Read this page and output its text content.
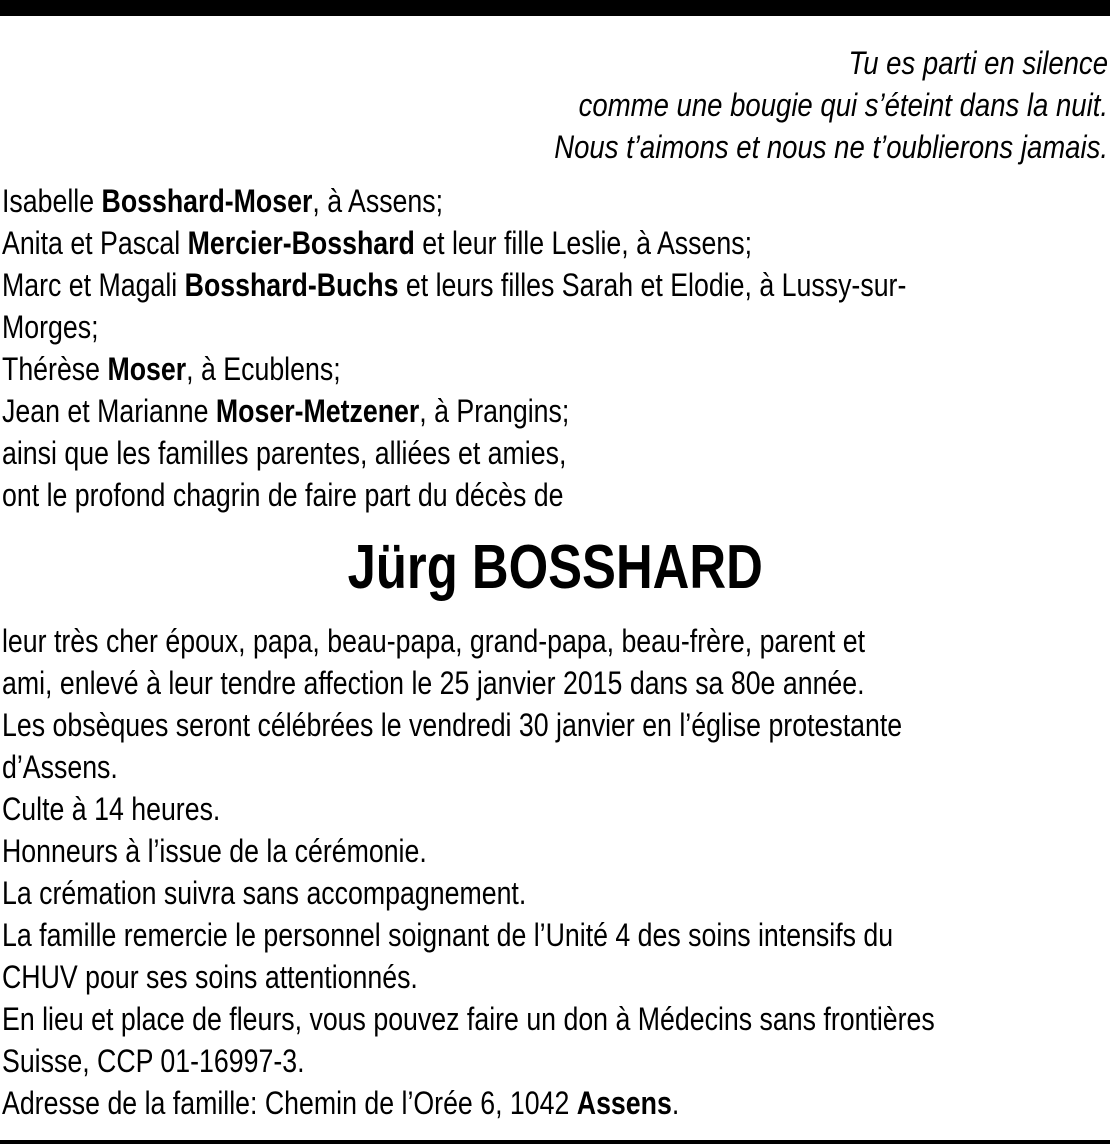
Tu es parti en silence
comme une bougie qui s’éteint dans la nuit.
Nous t’aimons et nous ne t’oublierons jamais.
Isabelle Bosshard-Moser, à Assens;
Anita et Pascal Mercier-Bosshard et leur fille Leslie, à Assens;
Marc et Magali Bosshard-Buchs et leurs filles Sarah et Elodie, à Lussy-sur-
Morges;
Thérèse Moser, à Ecublens;
Jean et Marianne Moser-Metzener, à Prangins;
ainsi que les familles parentes, alliées et amies,
ont le profond chagrin de faire part du décès de
Jürg BOSSHARD
leur très cher époux, papa, beau-papa, grand-papa, beau-frère, parent et
ami, enlevé à leur tendre affection le 25 janvier 2015 dans sa 80e année.
Les obsèques seront célébrées le vendredi 30 janvier en l’église protestante
d’Assens.
Culte à 14 heures.
Honneurs à l’issue de la cérémonie.
La crémation suivra sans accompagnement.
La famille remercie le personnel soignant de l’Unité 4 des soins intensifs du
CHUV pour ses soins attentionnés.
En lieu et place de fleurs, vous pouvez faire un don à Médecins sans frontières
Suisse, CCP 01-16997-3.
Adresse de la famille: Chemin de l’Orée 6, 1042 Assens.
